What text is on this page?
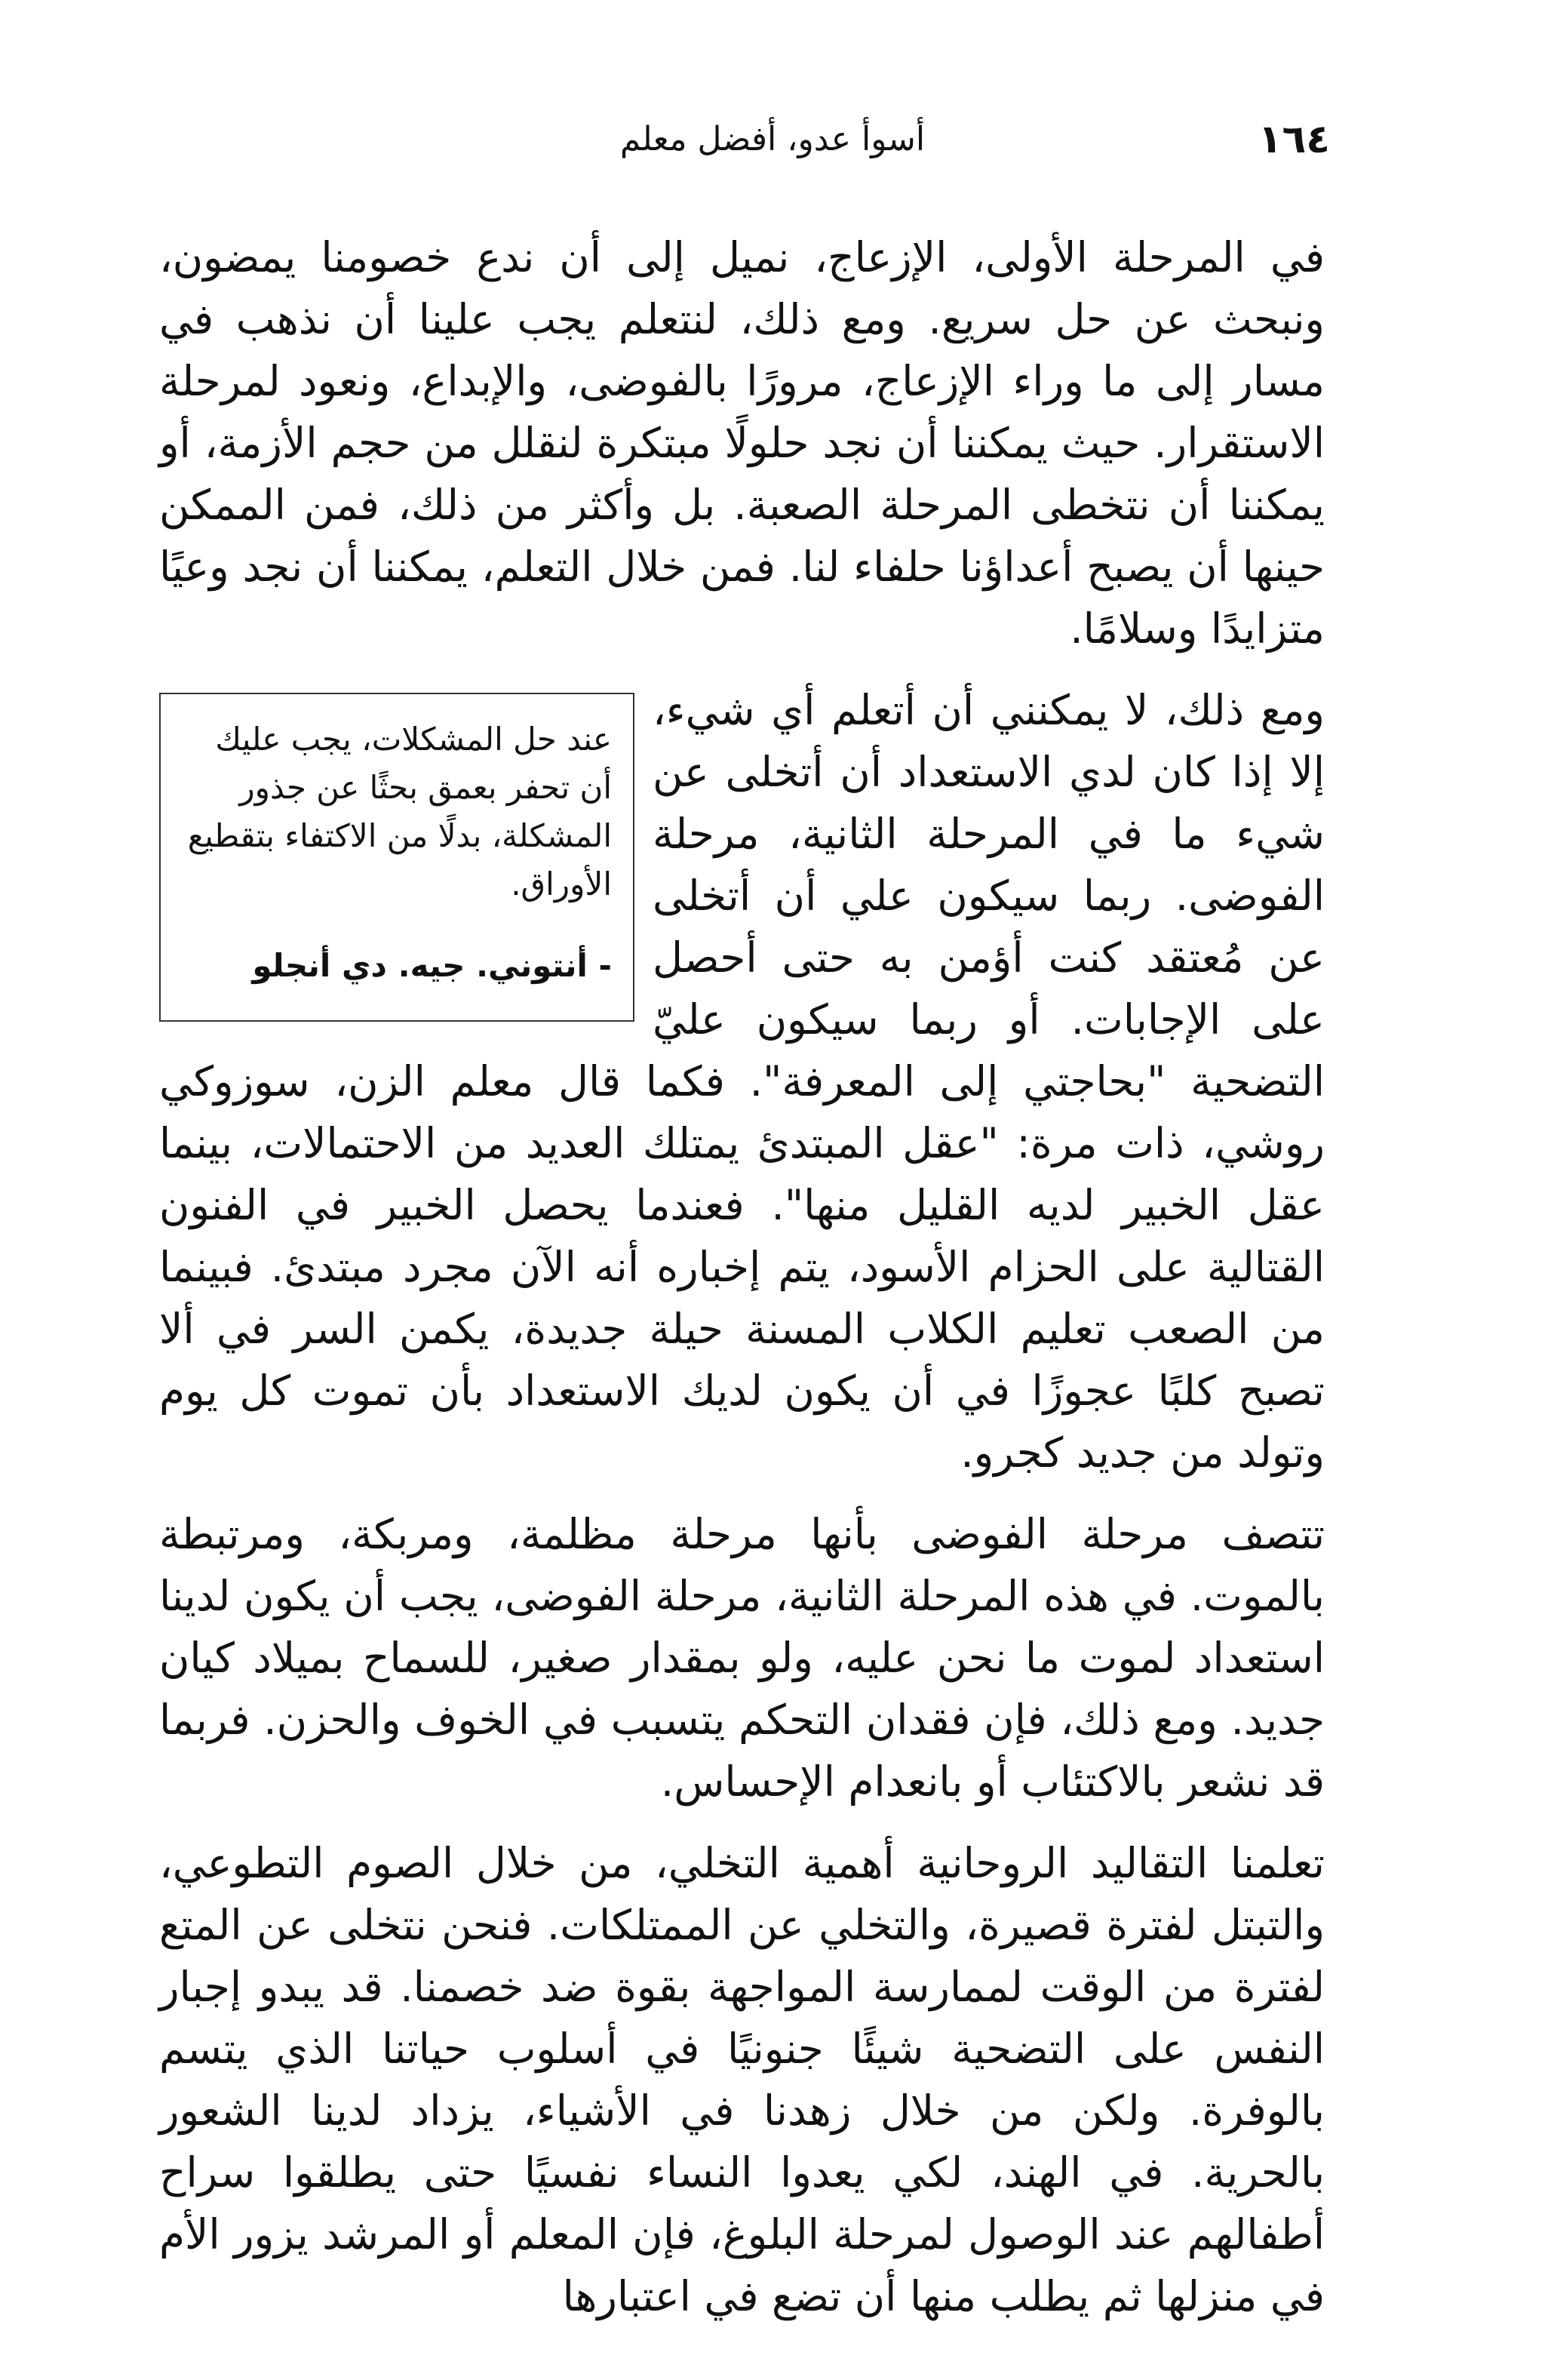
١٦٤
أسوأ عدو، أفضل معلم

في المرحلة الأولى، الإزعاج، نميل إلى أن ندع خصومنا يمضون، ونبحث عن حل سريع. ومع ذلك، لنتعلم يجب علينا أن نذهب في مسار إلى ما وراء الإزعاج، مرورًا بالفوضى، والإبداع، ونعود لمرحلة الاستقرار. حيث يمكننا أن نجد حلولًا مبتكرة لنقلل من حجم الأزمة، أو يمكننا أن نتخطى المرحلة الصعبة. بل وأكثر من ذلك، فمن الممكن حينها أن يصبح أعداؤنا حلفاء لنا. فمن خلال التعلم، يمكننا أن نجد وعيًا متزايدًا وسلامًا.

عند حل المشكلات، يجب عليك أن تحفر بعمق بحثًا عن جذور المشكلة، بدلًا من الاكتفاء بتقطيع الأوراق.

- أنتوني. جيه. دي أنجلو

ومع ذلك، لا يمكنني أن أتعلم أي شيء، إلا إذا كان لدي الاستعداد أن أتخلى عن شيء ما في المرحلة الثانية، مرحلة الفوضى. ربما سيكون علي أن أتخلى عن مُعتقد كنت أؤمن به حتى أحصل على الإجابات. أو ربما سيكون عليّ التضحية "بحاجتي إلى المعرفة". فكما قال معلم الزن، سوزوكي روشي، ذات مرة: "عقل المبتدئ يمتلك العديد من الاحتمالات، بينما عقل الخبير لديه القليل منها". فعندما يحصل الخبير في الفنون القتالية على الحزام الأسود، يتم إخباره أنه الآن مجرد مبتدئ. فبينما من الصعب تعليم الكلاب المسنة حيلة جديدة، يكمن السر في ألا تصبح كلبًا عجوزًا في أن يكون لديك الاستعداد بأن تموت كل يوم وتولد من جديد كجرو.

تتصف مرحلة الفوضى بأنها مرحلة مظلمة، ومربكة، ومرتبطة بالموت. في هذه المرحلة الثانية، مرحلة الفوضى، يجب أن يكون لدينا استعداد لموت ما نحن عليه، ولو بمقدار صغير، للسماح بميلاد كيان جديد. ومع ذلك، فإن فقدان التحكم يتسبب في الخوف والحزن. فربما قد نشعر بالاكتئاب أو بانعدام الإحساس.

تعلمنا التقاليد الروحانية أهمية التخلي، من خلال الصوم التطوعي، والتبتل لفترة قصيرة، والتخلي عن الممتلكات. فنحن نتخلى عن المتع لفترة من الوقت لممارسة المواجهة بقوة ضد خصمنا. قد يبدو إجبار النفس على التضحية شيئًا جنونيًا في أسلوب حياتنا الذي يتسم بالوفرة. ولكن من خلال زهدنا في الأشياء، يزداد لدينا الشعور بالحرية. في الهند، لكي يعدوا النساء نفسيًا حتى يطلقوا سراح أطفالهم عند الوصول لمرحلة البلوغ، فإن المعلم أو المرشد يزور الأم في منزلها ثم يطلب منها أن تضع في اعتبارها
